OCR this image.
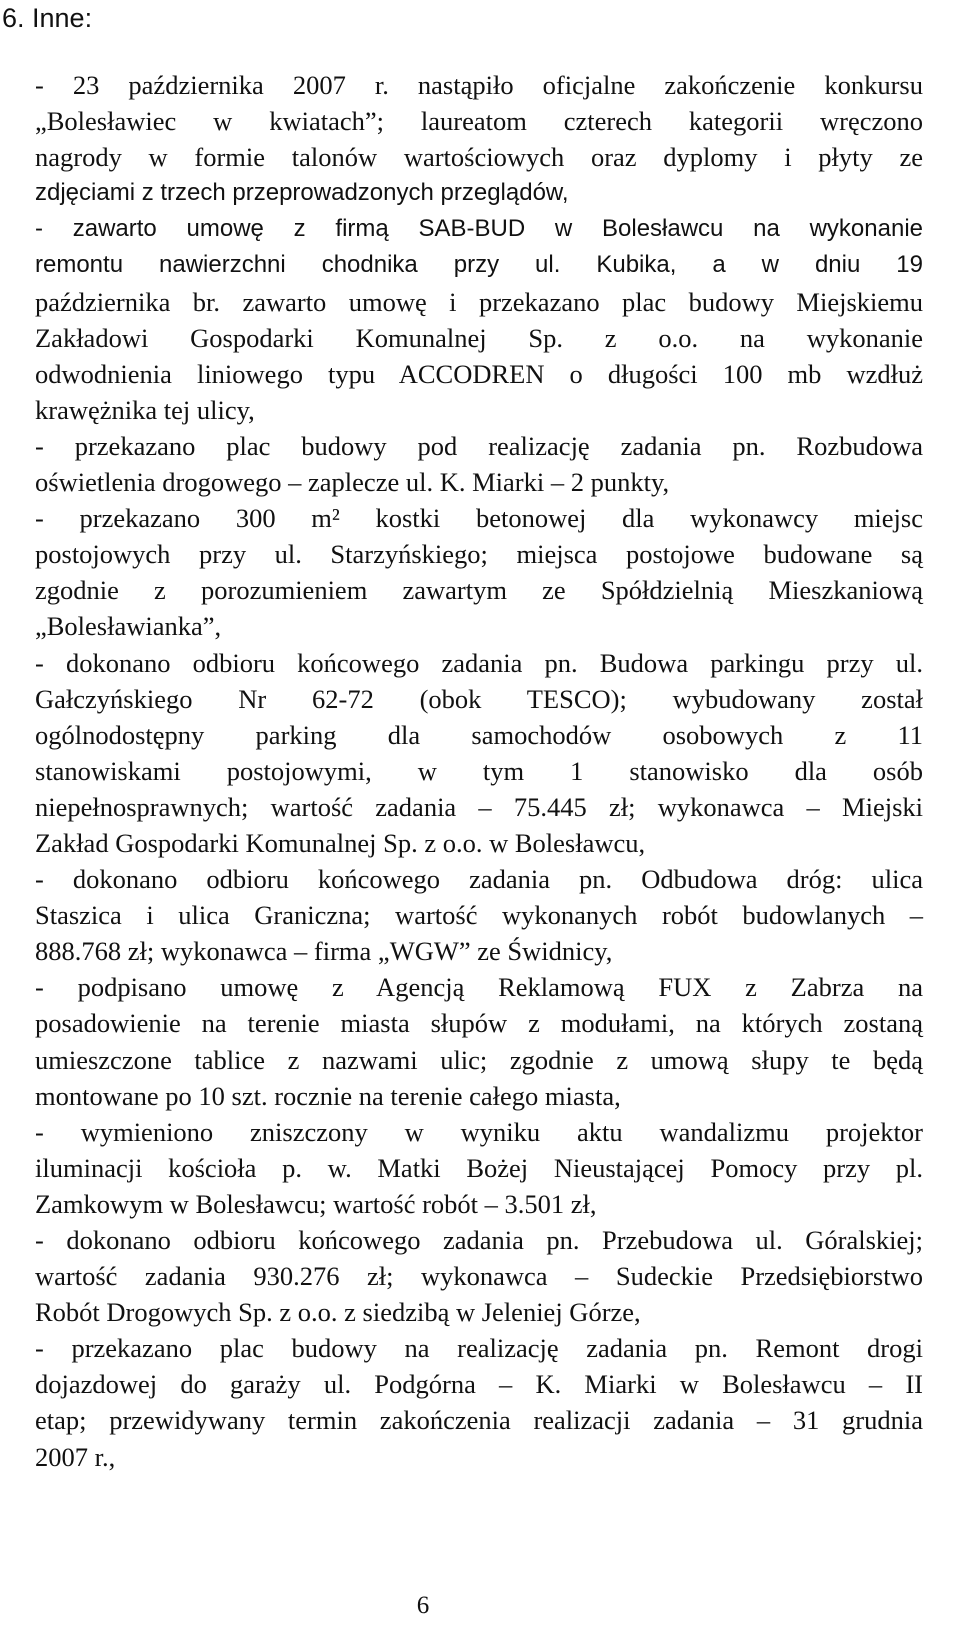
6. Inne:
- 23 października 2007 r. nastąpiło oficjalne zakończenie konkursu
„Bolesławiec w kwiatach”; laureatom czterech kategorii wręczono
nagrody w formie talonów wartościowych oraz dyplomy i płyty ze
zdjęciami z trzech przeprowadzonych przeglądów,
- zawarto umowę z firmą SAB-BUD w Bolesławcu na wykonanie
remontu nawierzchni chodnika przy ul. Kubika, a w dniu 19
października br. zawarto umowę i przekazano plac budowy Miejskiemu
Zakładowi Gospodarki Komunalnej Sp. z o.o. na wykonanie
odwodnienia liniowego typu ACCODREN o długości 100 mb wzdłuż
krawężnika tej ulicy,
- przekazano plac budowy pod realizację zadania pn. Rozbudowa
oświetlenia drogowego – zaplecze ul. K. Miarki – 2 punkty,
- przekazano 300 m² kostki betonowej dla wykonawcy miejsc
postojowych przy ul. Starzyńskiego; miejsca postojowe budowane są
zgodnie z porozumieniem zawartym ze Spółdzielnią Mieszkaniową
„Bolesławianka”,
- dokonano odbioru końcowego zadania pn. Budowa parkingu przy ul.
Gałczyńskiego Nr 62-72 (obok TESCO); wybudowany został
ogólnodostępny parking dla samochodów osobowych z 11
stanowiskami postojowymi, w tym 1 stanowisko dla osób
niepełnosprawnych; wartość zadania – 75.445 zł; wykonawca – Miejski
Zakład Gospodarki Komunalnej Sp. z o.o. w Bolesławcu,
- dokonano odbioru końcowego zadania pn. Odbudowa dróg: ulica
Staszica i ulica Graniczna; wartość wykonanych robót budowlanych –
888.768 zł; wykonawca – firma „WGW” ze Świdnicy,
- podpisano umowę z Agencją Reklamową FUX z Zabrza na
posadowienie na terenie miasta słupów z modułami, na których zostaną
umieszczone tablice z nazwami ulic; zgodnie z umową słupy te będą
montowane po 10 szt. rocznie na terenie całego miasta,
- wymieniono zniszczony w wyniku aktu wandalizmu projektor
iluminacji kościoła p. w. Matki Bożej Nieustającej Pomocy przy pl.
Zamkowym w Bolesławcu; wartość robót – 3.501 zł,
- dokonano odbioru końcowego zadania pn. Przebudowa ul. Góralskiej;
wartość zadania 930.276 zł; wykonawca – Sudeckie Przedsiębiorstwo
Robót Drogowych Sp. z o.o. z siedzibą w Jeleniej Górze,
- przekazano plac budowy na realizację zadania pn. Remont drogi
dojazdowej do garaży ul. Podgórna – K. Miarki w Bolesławcu – II
etap; przewidywany termin zakończenia realizacji zadania – 31 grudnia
2007 r.,
6
